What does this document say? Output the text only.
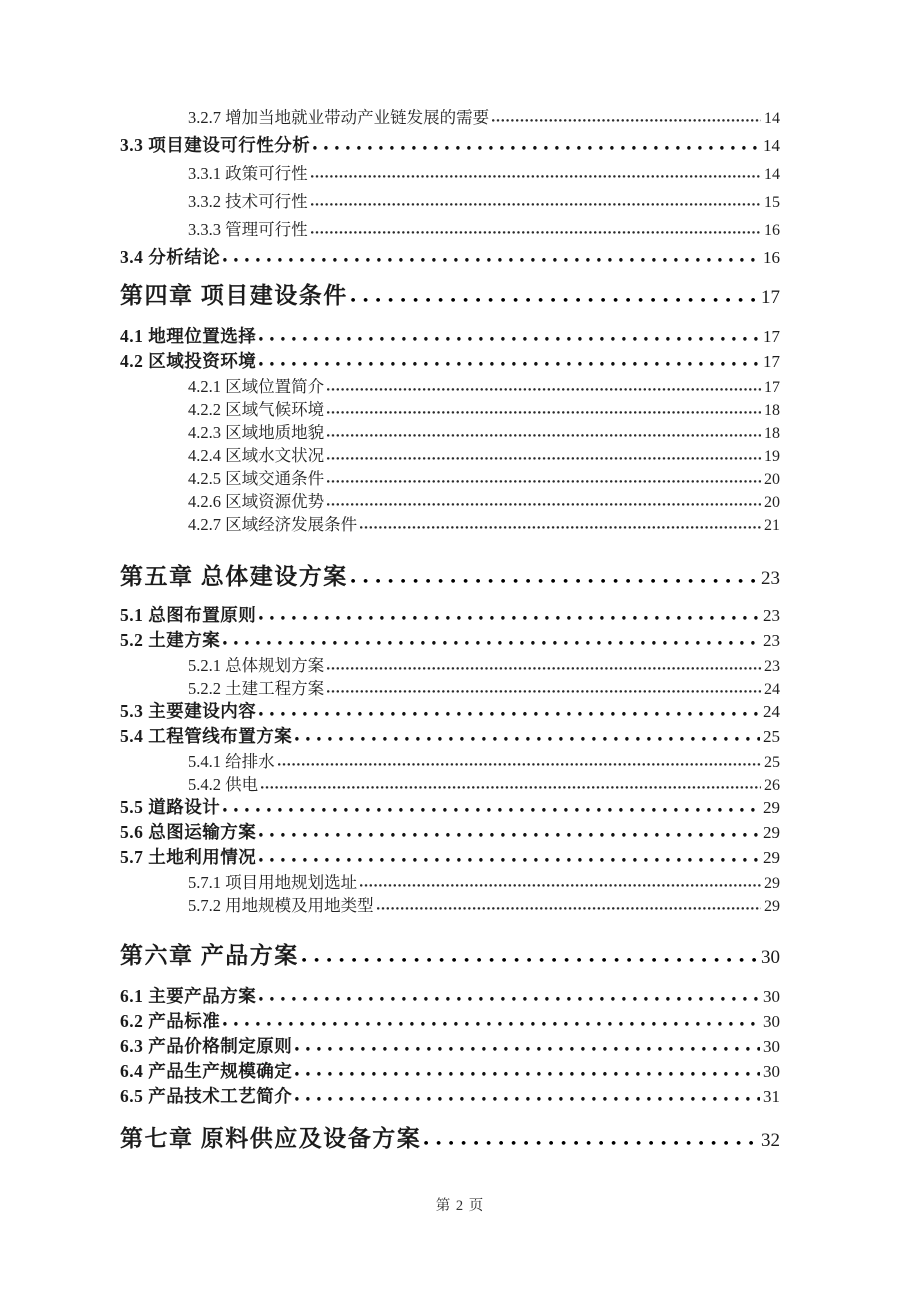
3.2.7 增加当地就业带动产业链发展的需要	14
3.3 项目建设可行性分析	14
3.3.1 政策可行性	14
3.3.2 技术可行性	15
3.3.3 管理可行性	16
3.4 分析结论	16
第四章 项目建设条件	17
4.1 地理位置选择	17
4.2 区域投资环境	17
4.2.1 区域位置简介	17
4.2.2 区域气候环境	18
4.2.3 区域地质地貌	18
4.2.4 区域水文状况	19
4.2.5 区域交通条件	20
4.2.6 区域资源优势	20
4.2.7 区域经济发展条件	21
第五章 总体建设方案	23
5.1 总图布置原则	23
5.2 土建方案	23
5.2.1 总体规划方案	23
5.2.2 土建工程方案	24
5.3 主要建设内容	24
5.4 工程管线布置方案	25
5.4.1 给排水	25
5.4.2 供电	26
5.5 道路设计	29
5.6 总图运输方案	29
5.7 土地利用情况	29
5.7.1 项目用地规划选址	29
5.7.2 用地规模及用地类型	29
第六章 产品方案	30
6.1 主要产品方案	30
6.2 产品标准	30
6.3 产品价格制定原则	30
6.4 产品生产规模确定	30
6.5 产品技术工艺简介	31
第七章 原料供应及设备方案	32
第 2 页
